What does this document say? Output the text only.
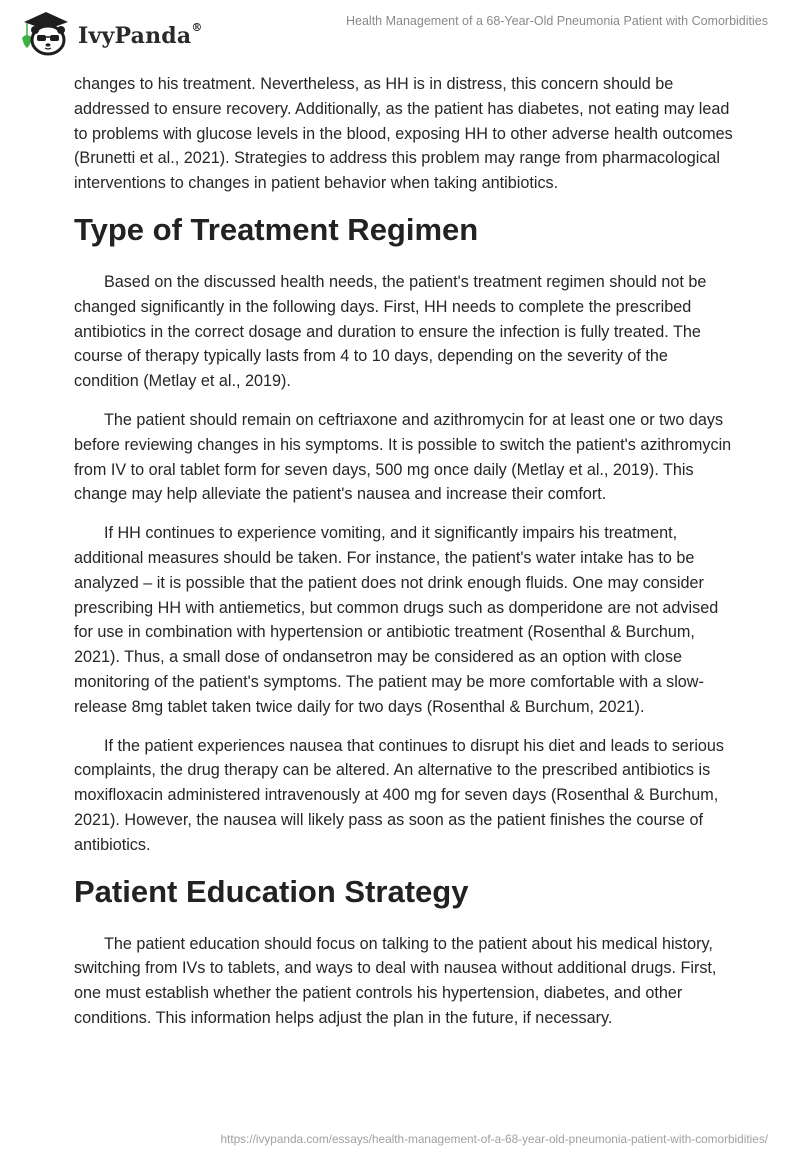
IvyPanda®	Health Management of a 68-Year-Old Pneumonia Patient with Comorbidities

changes to his treatment. Nevertheless, as HH is in distress, this concern should be addressed to ensure recovery. Additionally, as the patient has diabetes, not eating may lead to problems with glucose levels in the blood, exposing HH to other adverse health outcomes (Brunetti et al., 2021). Strategies to address this problem may range from pharmacological interventions to changes in patient behavior when taking antibiotics.

Type of Treatment Regimen

Based on the discussed health needs, the patient's treatment regimen should not be changed significantly in the following days. First, HH needs to complete the prescribed antibiotics in the correct dosage and duration to ensure the infection is fully treated. The course of therapy typically lasts from 4 to 10 days, depending on the severity of the condition (Metlay et al., 2019).

The patient should remain on ceftriaxone and azithromycin for at least one or two days before reviewing changes in his symptoms. It is possible to switch the patient's azithromycin from IV to oral tablet form for seven days, 500 mg once daily (Metlay et al., 2019). This change may help alleviate the patient's nausea and increase their comfort.

If HH continues to experience vomiting, and it significantly impairs his treatment, additional measures should be taken. For instance, the patient's water intake has to be analyzed – it is possible that the patient does not drink enough fluids. One may consider prescribing HH with antiemetics, but common drugs such as domperidone are not advised for use in combination with hypertension or antibiotic treatment (Rosenthal & Burchum, 2021). Thus, a small dose of ondansetron may be considered as an option with close monitoring of the patient's symptoms. The patient may be more comfortable with a slow-release 8mg tablet taken twice daily for two days (Rosenthal & Burchum, 2021).

If the patient experiences nausea that continues to disrupt his diet and leads to serious complaints, the drug therapy can be altered. An alternative to the prescribed antibiotics is moxifloxacin administered intravenously at 400 mg for seven days (Rosenthal & Burchum, 2021). However, the nausea will likely pass as soon as the patient finishes the course of antibiotics.

Patient Education Strategy

The patient education should focus on talking to the patient about his medical history, switching from IVs to tablets, and ways to deal with nausea without additional drugs. First, one must establish whether the patient controls his hypertension, diabetes, and other conditions. This information helps adjust the plan in the future, if necessary.

https://ivypanda.com/essays/health-management-of-a-68-year-old-pneumonia-patient-with-comorbidities/
